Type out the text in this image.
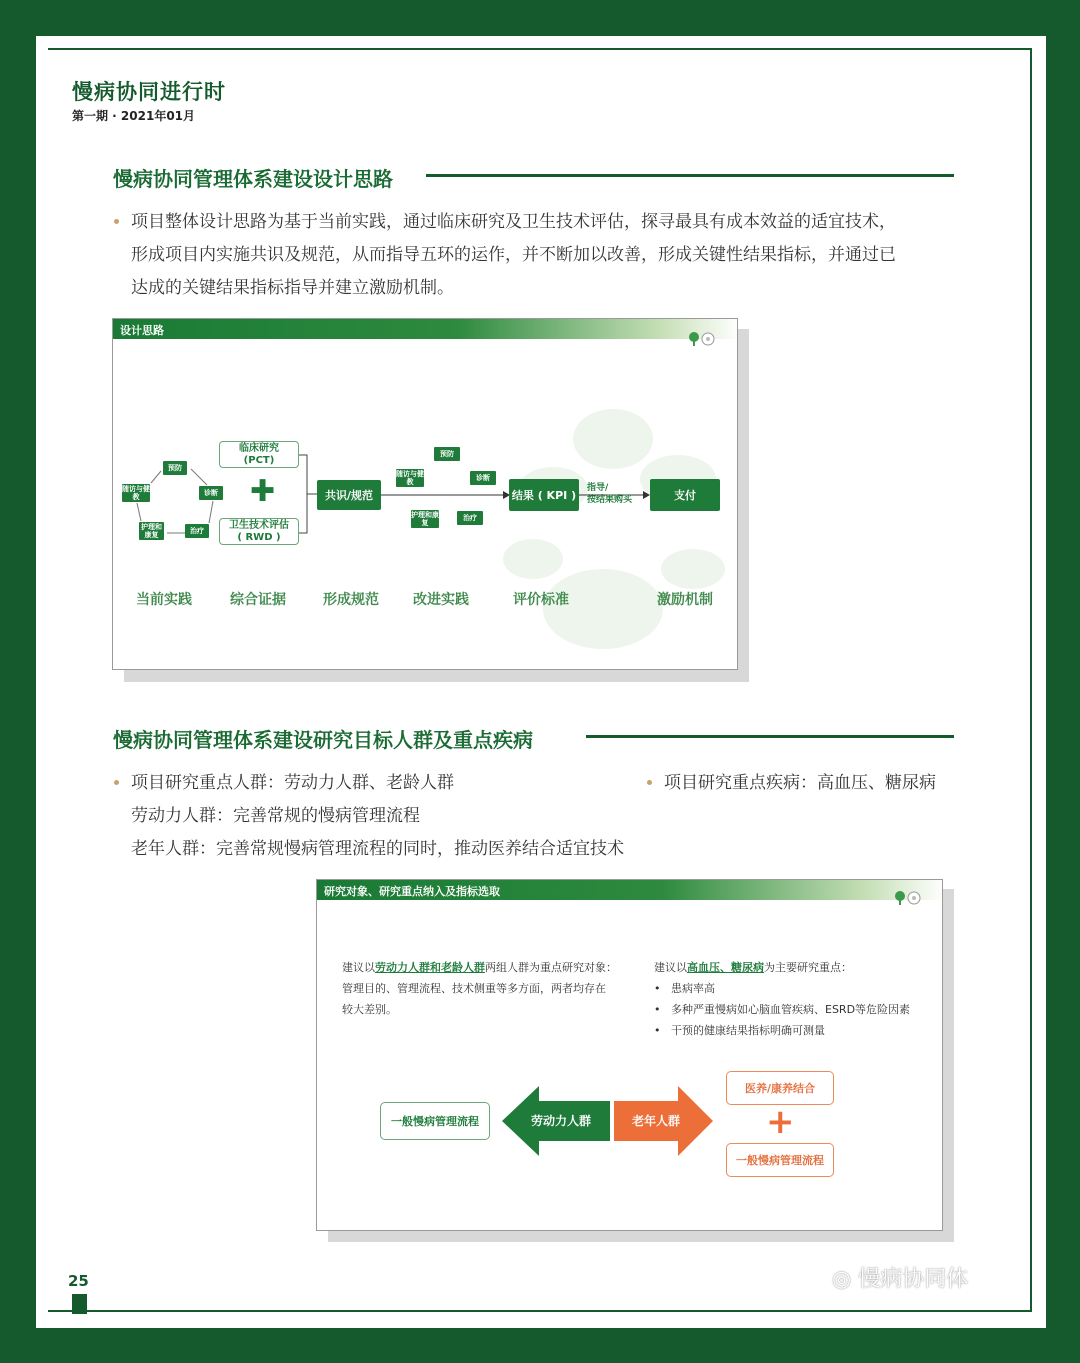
慢病协同进行时
第一期 · 2021年01月
慢病协同管理体系建设设计思路
项目整体设计思路为基于当前实践，通过临床研究及卫生技术评估，探寻最具有成本效益的适宜技术，
形成项目内实施共识及规范，从而指导五环的运作，并不断加以改善，形成关键性结果指标，并通过已
达成的关键结果指标指导并建立激励机制。
设计思路
预防
诊断
治疗
护理和康复
随访与健教
临床研究
(PCT)
✚
卫生技术评估
( RWD )
共识/规范
预防
诊断
治疗
护理和康复
随访与健教
结果 ( KPI )
指导/
按结果购买	支付
当前实践	综合证据	形成规范 改进实践	评价标准	激励机制
慢病协同管理体系建设研究目标人群及重点疾病
项目研究重点人群：劳动力人群、老龄人群
劳动力人群：完善常规的慢病管理流程
老年人群：完善常规慢病管理流程的同时，推动医养结合适宜技术
项目研究重点疾病：高血压、糖尿病
研究对象、研究重点纳入及指标选取
建议以劳动力人群和老龄人群两组人群为重点研究对象：
管理目的、管理流程、技术侧重等多方面，两者均存在
较大差别。
建议以高血压、糖尿病为主要研究重点：
• 患病率高
• 多种严重慢病如心脑血管疾病、ESRD等危险因素
• 干预的健康结果指标明确可测量
一般慢病管理流程	劳动力人群	老年人群
医养/康养结合
+
一般慢病管理流程
25	◎ 慢病协同体
